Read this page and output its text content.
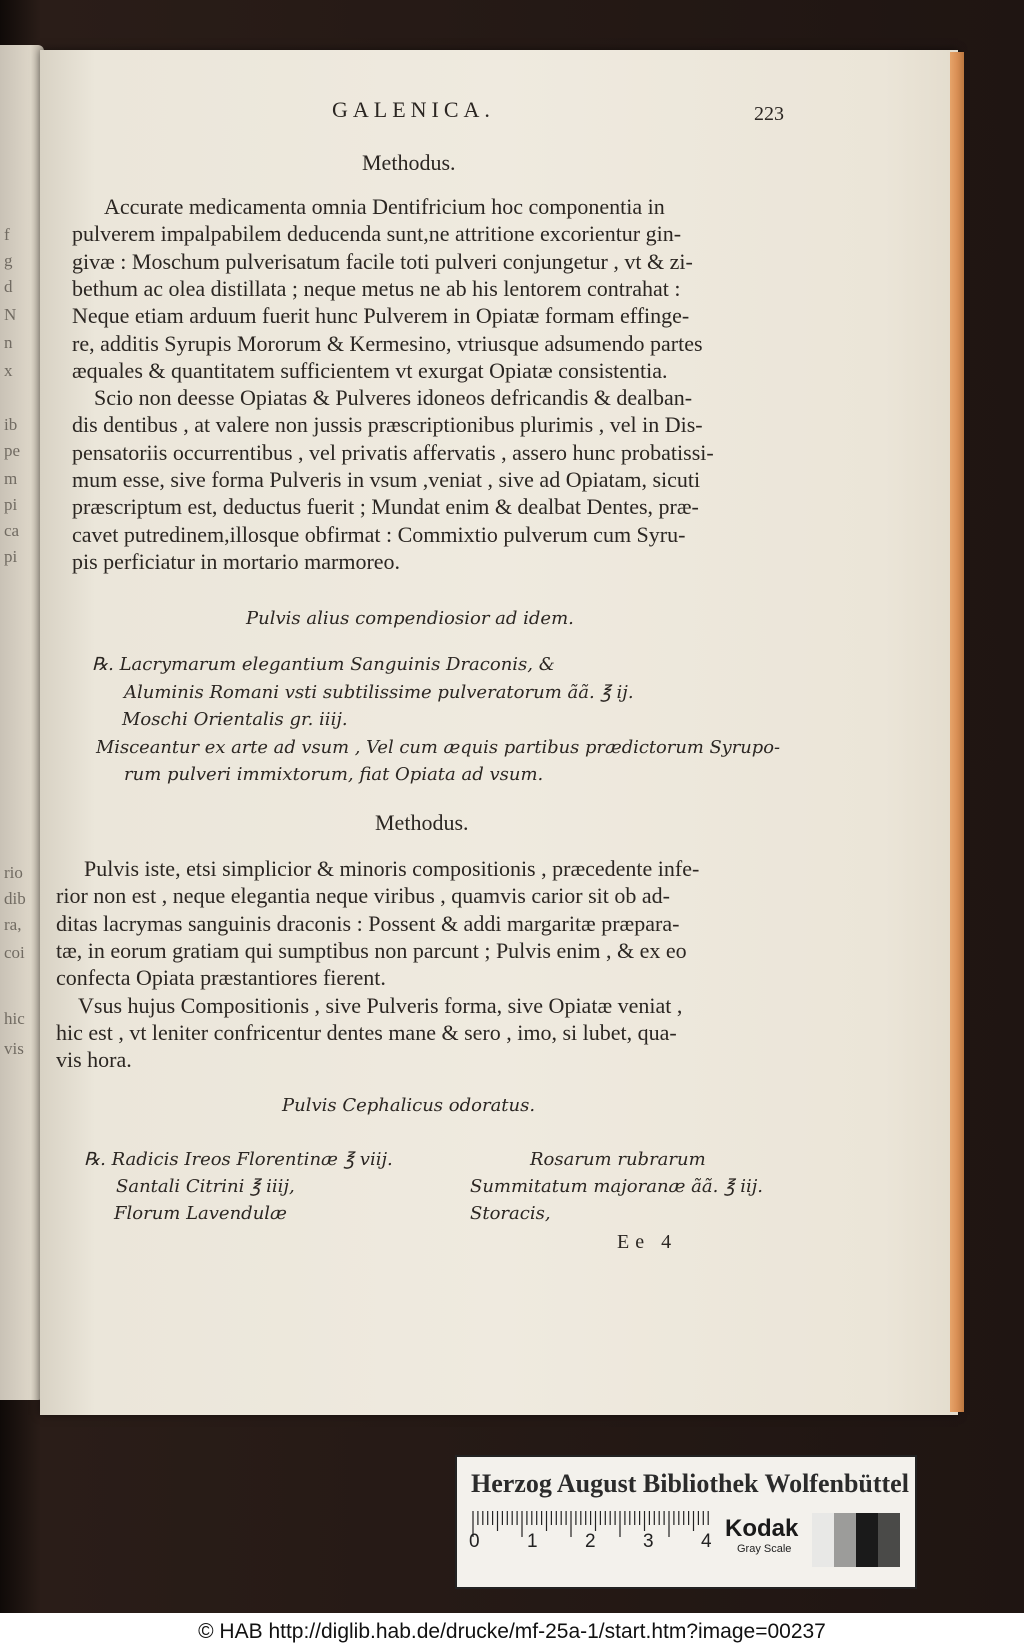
GALENICA.	223
Methodus.
Accurate medicamenta omnia Dentifricium hoc componentia in
pulverem impalpabilem deducenda sunt,ne attritione excorientur gin-
givæ : Moschum pulverisatum facile toti pulveri conjungetur , vt & zi-
bethum ac olea distillata ; neque metus ne ab his lentorem contrahat :
Neque etiam arduum fuerit hunc Pulverem in Opiatæ formam effinge-
re, additis Syrupis Mororum & Kermesino, vtriusque adsumendo partes
æquales & quantitatem sufficientem vt exurgat Opiatæ consistentia.
Scio non deesse Opiatas & Pulveres idoneos defricandis & dealban-
dis dentibus , at valere non jussis præscriptionibus plurimis , vel in Dis-
pensatoriis occurrentibus , vel privatis affervatis , assero hunc probatissi-
mum esse, sive forma Pulveris in vsum ,veniat , sive ad Opiatam, sicuti
præscriptum est, deductus fuerit ; Mundat enim & dealbat Dentes, præ-
cavet putredinem,illosque obfirmat : Commixtio pulverum cum Syru-
pis perficiatur in mortario marmoreo.
Pulvis alius compendiosior ad idem.
℞. Lacrymarum elegantium Sanguinis Draconis, &
Aluminis Romani vsti subtilissime pulveratorum ãã. ℥ ij.
Moschi Orientalis gr. iiij.
Misceantur ex arte ad vsum , Vel cum æquis partibus prædictorum Syrupo-
rum pulveri immixtorum, fiat Opiata ad vsum.
Methodus.
Pulvis iste, etsi simplicior & minoris compositionis , præcedente infe-
rior non est , neque elegantia neque viribus , quamvis carior sit ob ad-
ditas lacrymas sanguinis draconis : Possent & addi margaritæ præpara-
tæ, in eorum gratiam qui sumptibus non parcunt ; Pulvis enim , & ex eo
confecta Opiata præstantiores fierent.
Vsus hujus Compositionis , sive Pulveris forma, sive Opiatæ veniat ,
hic est , vt leniter confricentur dentes mane & sero , imo, si lubet, qua-
vis hora.
Pulvis Cephalicus odoratus.
℞. Radicis Ireos Florentinæ ℥ viij.
Santali Citrini ℥ iiij,
Florum Lavendulæ
Rosarum rubrarum
Summitatum majoranæ ãã. ℥ iij.
Storacis,
Ee 4
f
g
d
N
n
x
ib
pe
m
pi
ca
pi
rio
dib
ra,
coi
hic
vis
Herzog August Bibliothek Wolfenbüttel
0 1 2 3 4 Kodak
Gray Scale
© HAB http://diglib.hab.de/drucke/mf-25a-1/start.htm?image=00237
